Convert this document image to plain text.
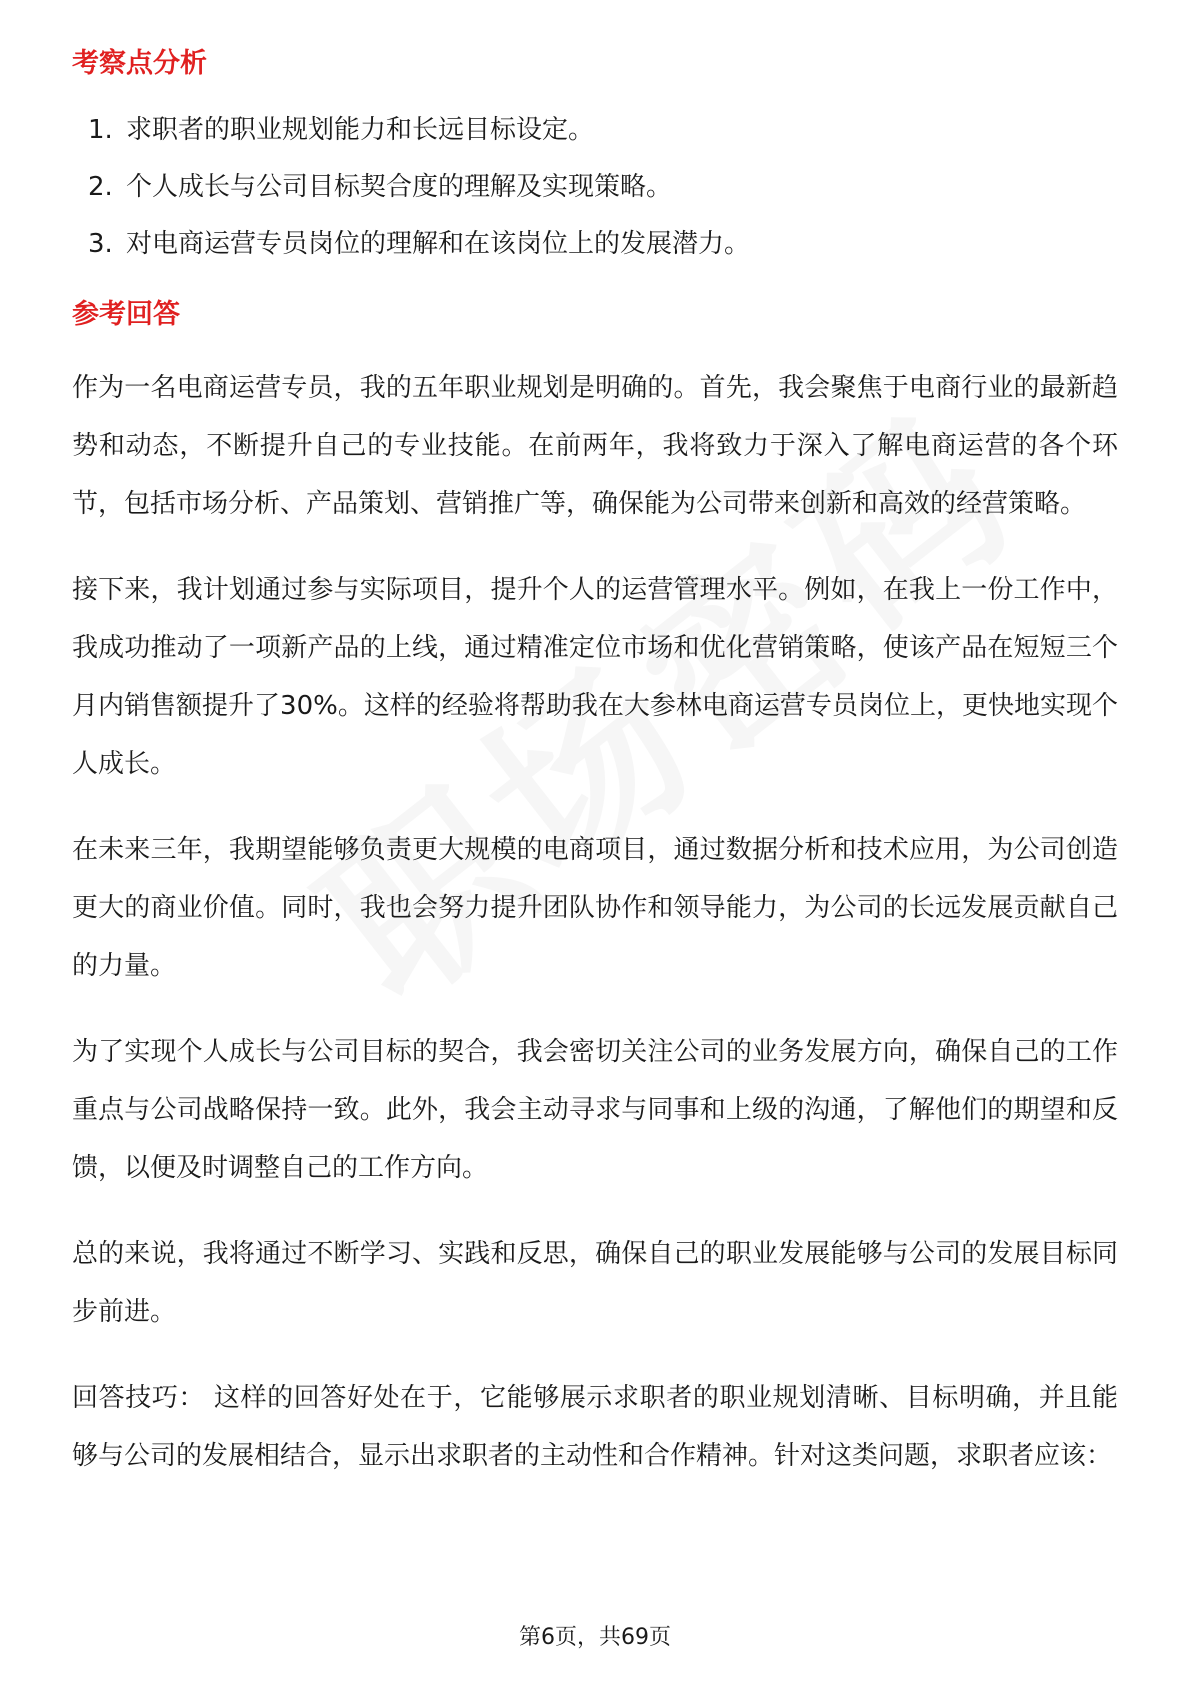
考察点分析
1. 求职者的职业规划能力和长远目标设定。
2. 个人成长与公司目标契合度的理解及实现策略。
3. 对电商运营专员岗位的理解和在该岗位上的发展潜力。
参考回答

作为一名电商运营专员，我的五年职业规划是明确的。首先，我会聚焦于电商行业的最新趋势和动态，不断提升自己的专业技能。在前两年，我将致力于深入了解电商运营的各个环节，包括市场分析、产品策划、营销推广等，确保能为公司带来创新和高效的经营策略。

接下来，我计划通过参与实际项目，提升个人的运营管理水平。例如，在我上一份工作中，我成功推动了一项新产品的上线，通过精准定位市场和优化营销策略，使该产品在短短三个月内销售额提升了30%。这样的经验将帮助我在大参林电商运营专员岗位上，更快地实现个人成长。

在未来三年，我期望能够负责更大规模的电商项目，通过数据分析和技术应用，为公司创造更大的商业价值。同时，我也会努力提升团队协作和领导能力，为公司的长远发展贡献自己的力量。

为了实现个人成长与公司目标的契合，我会密切关注公司的业务发展方向，确保自己的工作重点与公司战略保持一致。此外，我会主动寻求与同事和上级的沟通，了解他们的期望和反馈，以便及时调整自己的工作方向。

总的来说，我将通过不断学习、实践和反思，确保自己的职业发展能够与公司的发展目标同步前进。

回答技巧： 这样的回答好处在于，它能够展示求职者的职业规划清晰、目标明确，并且能够与公司的发展相结合，显示出求职者的主动性和合作精神。针对这类问题，求职者应该：

第6页，共69页
